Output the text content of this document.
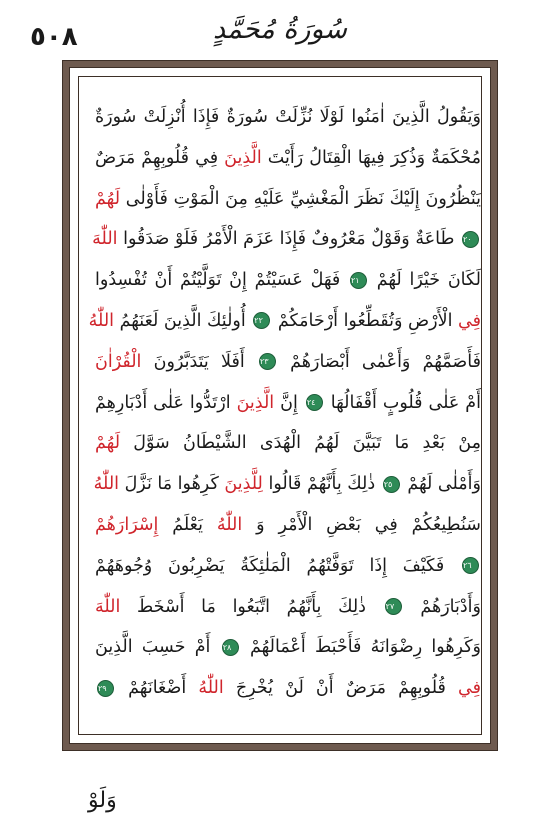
٥٠٨	سُورَةُ مُحَمَّدٍ
وَيَقُولُ الَّذِينَ اٰمَنُوا لَوْلَا نُزِّلَتْ سُورَةٌ فَإِذَا أُنْزِلَتْ سُورَةٌ
مُحْكَمَةٌ وَذُكِرَ فِيهَا الْقِتَالُ رَأَيْتَ الَّذِينَ فِي قُلُوبِهِمْ مَرَضٌ
يَنْظُرُونَ إِلَيْكَ نَظَرَ الْمَغْشِيِّ عَلَيْهِ مِنَ الْمَوْتِ فَأَوْلٰى لَهُمْ
٢٠ طَاعَةٌ وَقَوْلٌ مَعْرُوفٌ فَإِذَا عَزَمَ الْأَمْرُ فَلَوْ صَدَقُوا اللّٰهَ
لَكَانَ خَيْرًا لَهُمْ ٢١ فَهَلْ عَسَيْتُمْ إِنْ تَوَلَّيْتُمْ أَنْ تُفْسِدُوا
فِي الْأَرْضِ وَتُقَطِّعُوا أَرْحَامَكُمْ ٢٢ أُولٰئِكَ الَّذِينَ لَعَنَهُمُ اللّٰهُ
فَأَصَمَّهُمْ وَأَعْمٰى أَبْصَارَهُمْ ٢٣ أَفَلَا يَتَدَبَّرُونَ الْقُرْاٰنَ
أَمْ عَلٰى قُلُوبٍ أَقْفَالُهَا ٢٤ إِنَّ الَّذِينَ ارْتَدُّوا عَلٰى أَدْبَارِهِمْ
مِنْ بَعْدِ مَا تَبَيَّنَ لَهُمُ الْهُدَى الشَّيْطَانُ سَوَّلَ لَهُمْ
وَأَمْلٰى لَهُمْ ٢٥ ذٰلِكَ بِأَنَّهُمْ قَالُوا لِلَّذِينَ كَرِهُوا مَا نَزَّلَ اللّٰهُ
سَنُطِيعُكُمْ فِي بَعْضِ الْأَمْرِ وَ اللّٰهُ يَعْلَمُ إِسْرَارَهُمْ
٢٦ فَكَيْفَ إِذَا تَوَفَّتْهُمُ الْمَلٰئِكَةُ يَضْرِبُونَ وُجُوهَهُمْ
وَأَدْبَارَهُمْ ٢٧ ذٰلِكَ بِأَنَّهُمُ اتَّبَعُوا مَا أَسْخَطَ اللّٰهَ
وَكَرِهُوا رِضْوَانَهُ فَأَحْبَطَ أَعْمَالَهُمْ ٢٨ أَمْ حَسِبَ الَّذِينَ
فِي قُلُوبِهِمْ مَرَضٌ أَنْ لَنْ يُخْرِجَ اللّٰهُ أَضْغَانَهُمْ ٢٩
وَلَوْ
